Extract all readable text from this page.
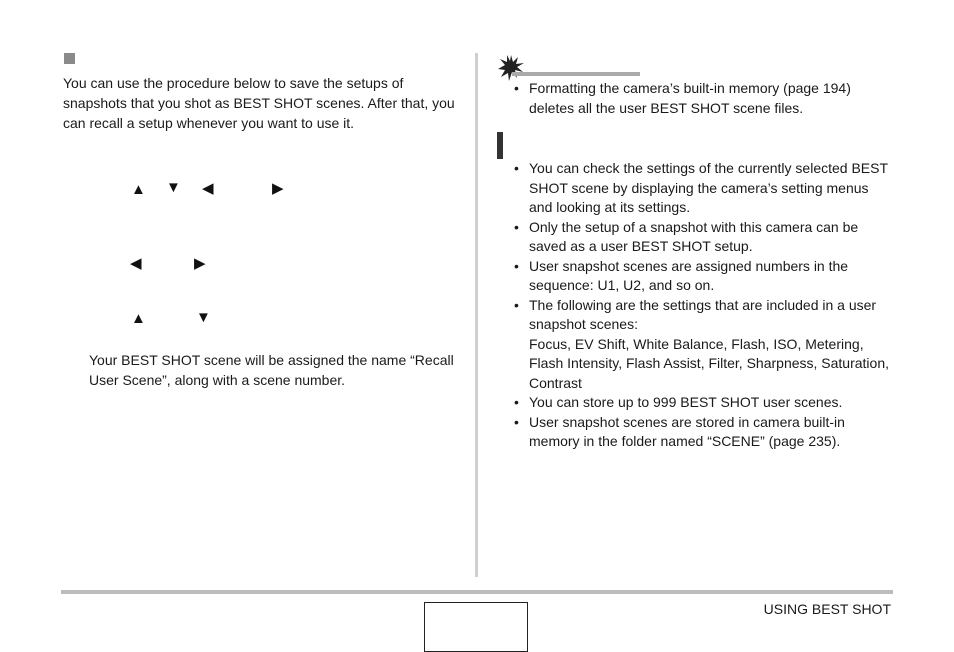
You can use the procedure below to save the setups of snapshots that you shot as BEST SHOT scenes. After that, you can recall a setup whenever you want to use it.
▲ ▼ ◀	▶
◀	▶
▲	▼
Your BEST SHOT scene will be assigned the name “Recall User Scene”, along with a scene number.
• Formatting the camera’s built-in memory (page 194) deletes all the user BEST SHOT scene files.
• You can check the settings of the currently selected BEST SHOT scene by displaying the camera’s setting menus and looking at its settings.
• Only the setup of a snapshot with this camera can be saved as a user BEST SHOT setup.
• User snapshot scenes are assigned numbers in the sequence: U1, U2, and so on.
• The following are the settings that are included in a user snapshot scenes:
Focus, EV Shift, White Balance, Flash, ISO, Metering, Flash Intensity, Flash Assist, Filter, Sharpness, Saturation, Contrast
• You can store up to 999 BEST SHOT user scenes.
• User snapshot scenes are stored in camera built-in memory in the folder named “SCENE” (page 235).
USING BEST SHOT
